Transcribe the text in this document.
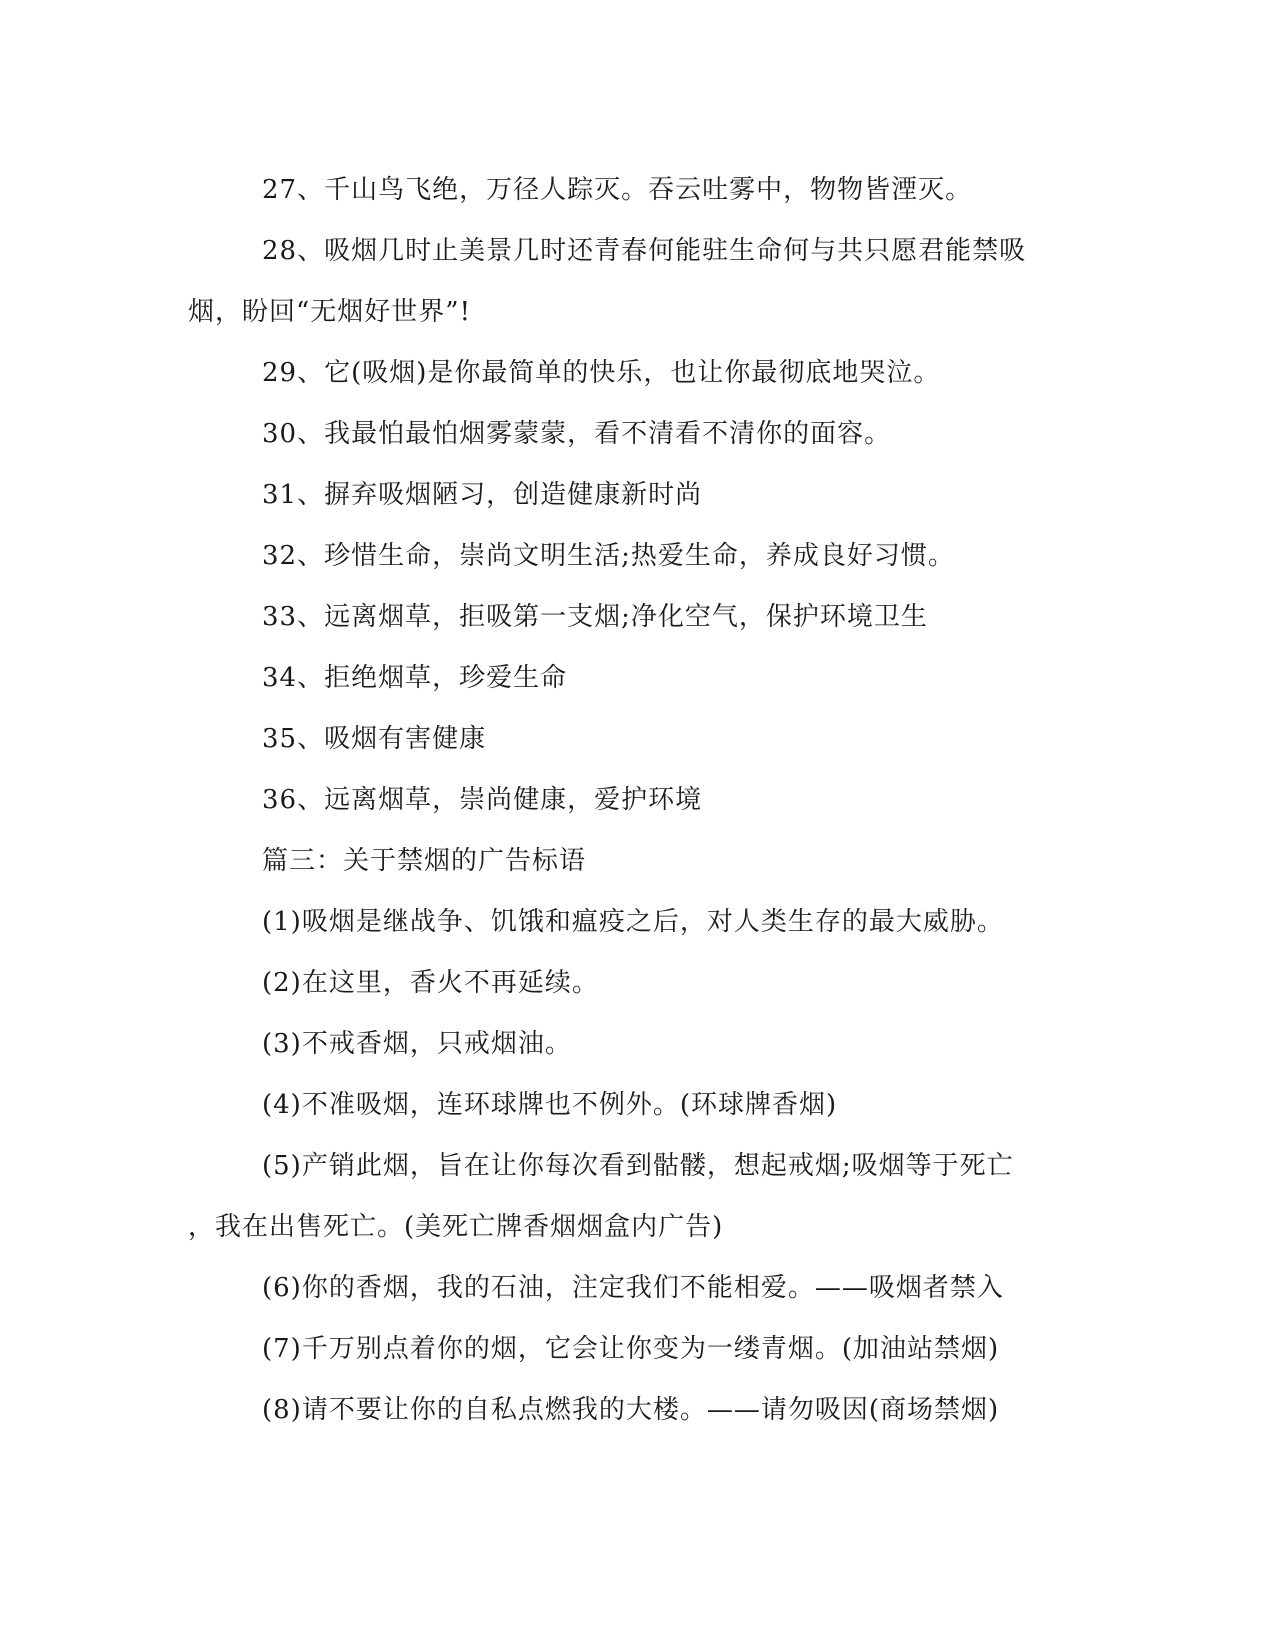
27、千山鸟飞绝，万径人踪灭。吞云吐雾中，物物皆湮灭。
28、吸烟几时止美景几时还青春何能驻生命何与共只愿君能禁吸
烟，盼回“无烟好世界”!
29、它(吸烟)是你最简单的快乐，也让你最彻底地哭泣。
30、我最怕最怕烟雾蒙蒙，看不清看不清你的面容。
31、摒弃吸烟陋习，创造健康新时尚
32、珍惜生命，崇尚文明生活;热爱生命，养成良好习惯。
33、远离烟草，拒吸第一支烟;净化空气，保护环境卫生
34、拒绝烟草，珍爱生命
35、吸烟有害健康
36、远离烟草，崇尚健康，爱护环境
篇三：关于禁烟的广告标语
(1)吸烟是继战争、饥饿和瘟疫之后，对人类生存的最大威胁。
(2)在这里，香火不再延续。
(3)不戒香烟，只戒烟油。
(4)不准吸烟，连环球牌也不例外。(环球牌香烟)
(5)产销此烟，旨在让你每次看到骷髅，想起戒烟;吸烟等于死亡
，我在出售死亡。(美死亡牌香烟烟盒内广告)
(6)你的香烟，我的石油，注定我们不能相爱。——吸烟者禁入
(7)千万别点着你的烟，它会让你变为一缕青烟。(加油站禁烟)
(8)请不要让你的自私点燃我的大楼。——请勿吸因(商场禁烟)
